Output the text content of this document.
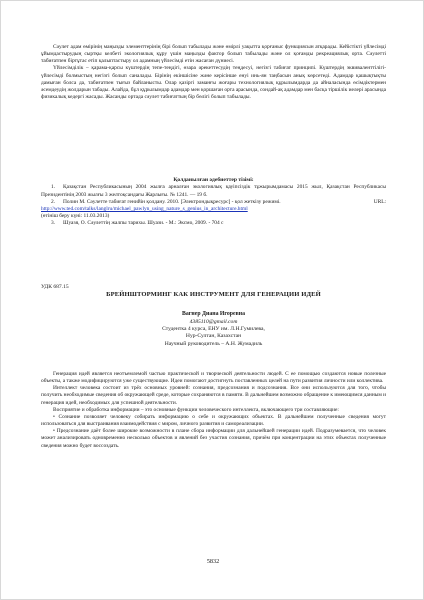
Сәулет адам өмірінің маңызды элементтерінің бірі болып табылады және өмірлі уақытта қорғаныс функциясын атқарады. Кейістікті үйлесімді ұйымдастырудың сыртқы келбеті экологиялық құру үшін маңызды фактор болып табылады және ол қоғамды рекреациялық орта. Сәулетті табиғатпен біртұтас етіп қалыптастыру ол адамның үйлесімді етін жасаған дүниесі.

Үйлесімділік – қарама-қарсы күштердің тепе-теңдігі, өзара әрекеттесудің теңдесуі, негізгі табиғат принципі. Күштердің эквиваленттілігі-үйлесімді болмыстың негізгі болып саналады. Бірінің екіншісіне және керісінше енуі инь-ян таңбасын анық көрсетеді. Адамдар қашықтықты дамыған болса да, табиғатпен тығыз байланысты. Олар қазіргі заманғы жоғары технологиялық құрылымдарда да айналасында өсімдіктермен әсемдеудің жолдарын табады. Алайда, бұл құрылымдар адамдар мен қоршаған орта арасында, сондай-ақ адамдар мен басқа тіршілік иелері арасында физикалық кедергі жасады. Жасанды ортада сәулет табиғаттың бір бөлігі болып табылады.

Қолданылған әдебиеттер тізімі:

1. Қазақстан Республикасының 2004 жылға арналған экологиялық қауіпсіздік тұжырымдамасы 2015 жыл, Қазақстан Республикасы Президентінің 2003 жылғы 3 желтоқсандағы Жарлығы. № 1241. — 19 б.

2. Полин М. Сәулетте табиғат генийін қолдану. 2010. [Электрондықресурс] - қол жеткізу режимі.	URL:

http://www.ted.com/talks/langlru/michael_pawlyn_using_nature_s_genius_in_architecture.html

(өтініш беру күні: 11.03.2013)

3. Шуазя, О. Сәулеттің жалпы тарихы. Шуази. - М.: Эксмо, 2009. - 704 с

УДК 687.15
БРЕЙНШТОРМИНГ КАК ИНСТРУМЕНТ ДЛЯ ГЕНЕРАЦИИ ИДЕЙ
Вагнер Диана Игоревна
4385110@gmail.com
Студентка 4 курса, ЕНУ им. Л.Н.Гумилева,
Нур-Султан, Казахстан
Научный руководитель – А.Н. Жумадиль

Генерация идей является неотъемлемой частью практической и творческой деятельности людей. С ее помощью создаются новые полезные объекты, а также модифицируются уже существующие. Идеи помогают достигнуть поставленных целей на пути развития личности или коллектива.

Интеллект человека состоит из трёх основных уровней: сознания, предсознания и подсознания. Все они используются для того, чтобы получить необходимые сведения об окружающей среде, которые сохраняются в памяти. В дальнейшем возможно обращение к имеющимся данным и генерация идей, необходимых для успешной деятельности.

Восприятие и обработка информации – это основные функции человеческого интеллекта, включающего три составляющие:

• Сознание позволяет человеку собирать информацию о себе и окружающих объектах. В дальнейшем полученные сведения могут использоваться для выстраивания взаимодействия с миром, личного развития и самореализации.

• Предсознание даёт более широкие возможности в плане сбора информации для дальнейшей генерации идей. Подразумевается, что человек может анализировать одновременно несколько объектов и явлений без участия сознания, причём при концентрации на этих объектах полученные сведения можно будет воссоздать.

5832
